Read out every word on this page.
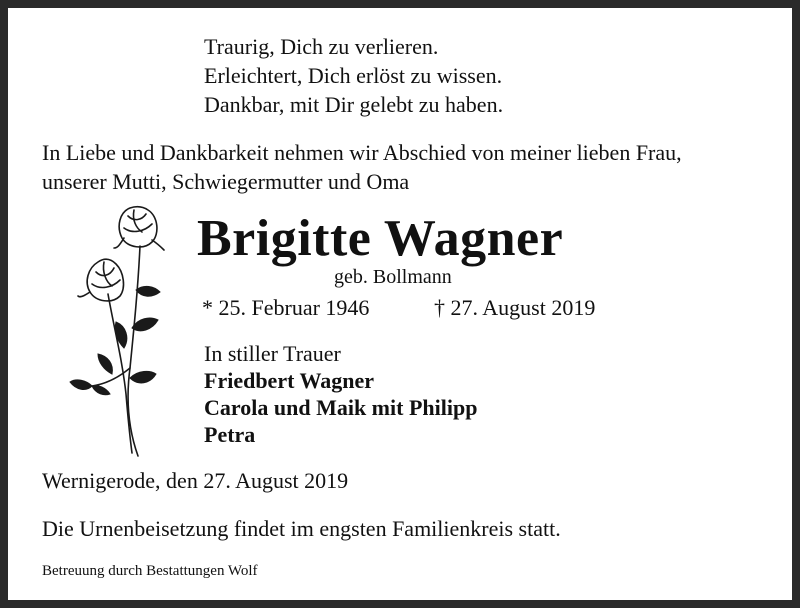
Traurig, Dich zu verlieren.
Erleichtert, Dich erlöst zu wissen.
Dankbar, mit Dir gelebt zu haben.
In Liebe und Dankbarkeit nehmen wir Abschied von meiner lieben Frau,
unserer Mutti, Schwiegermutter und Oma
Brigitte Wagner
geb. Bollmann
* 25. Februar 1946	† 27. August 2019
In stiller Trauer
Friedbert Wagner
Carola und Maik mit Philipp
Petra
Wernigerode, den 27. August 2019
Die Urnenbeisetzung findet im engsten Familienkreis statt.
Betreuung durch Bestattungen Wolf
